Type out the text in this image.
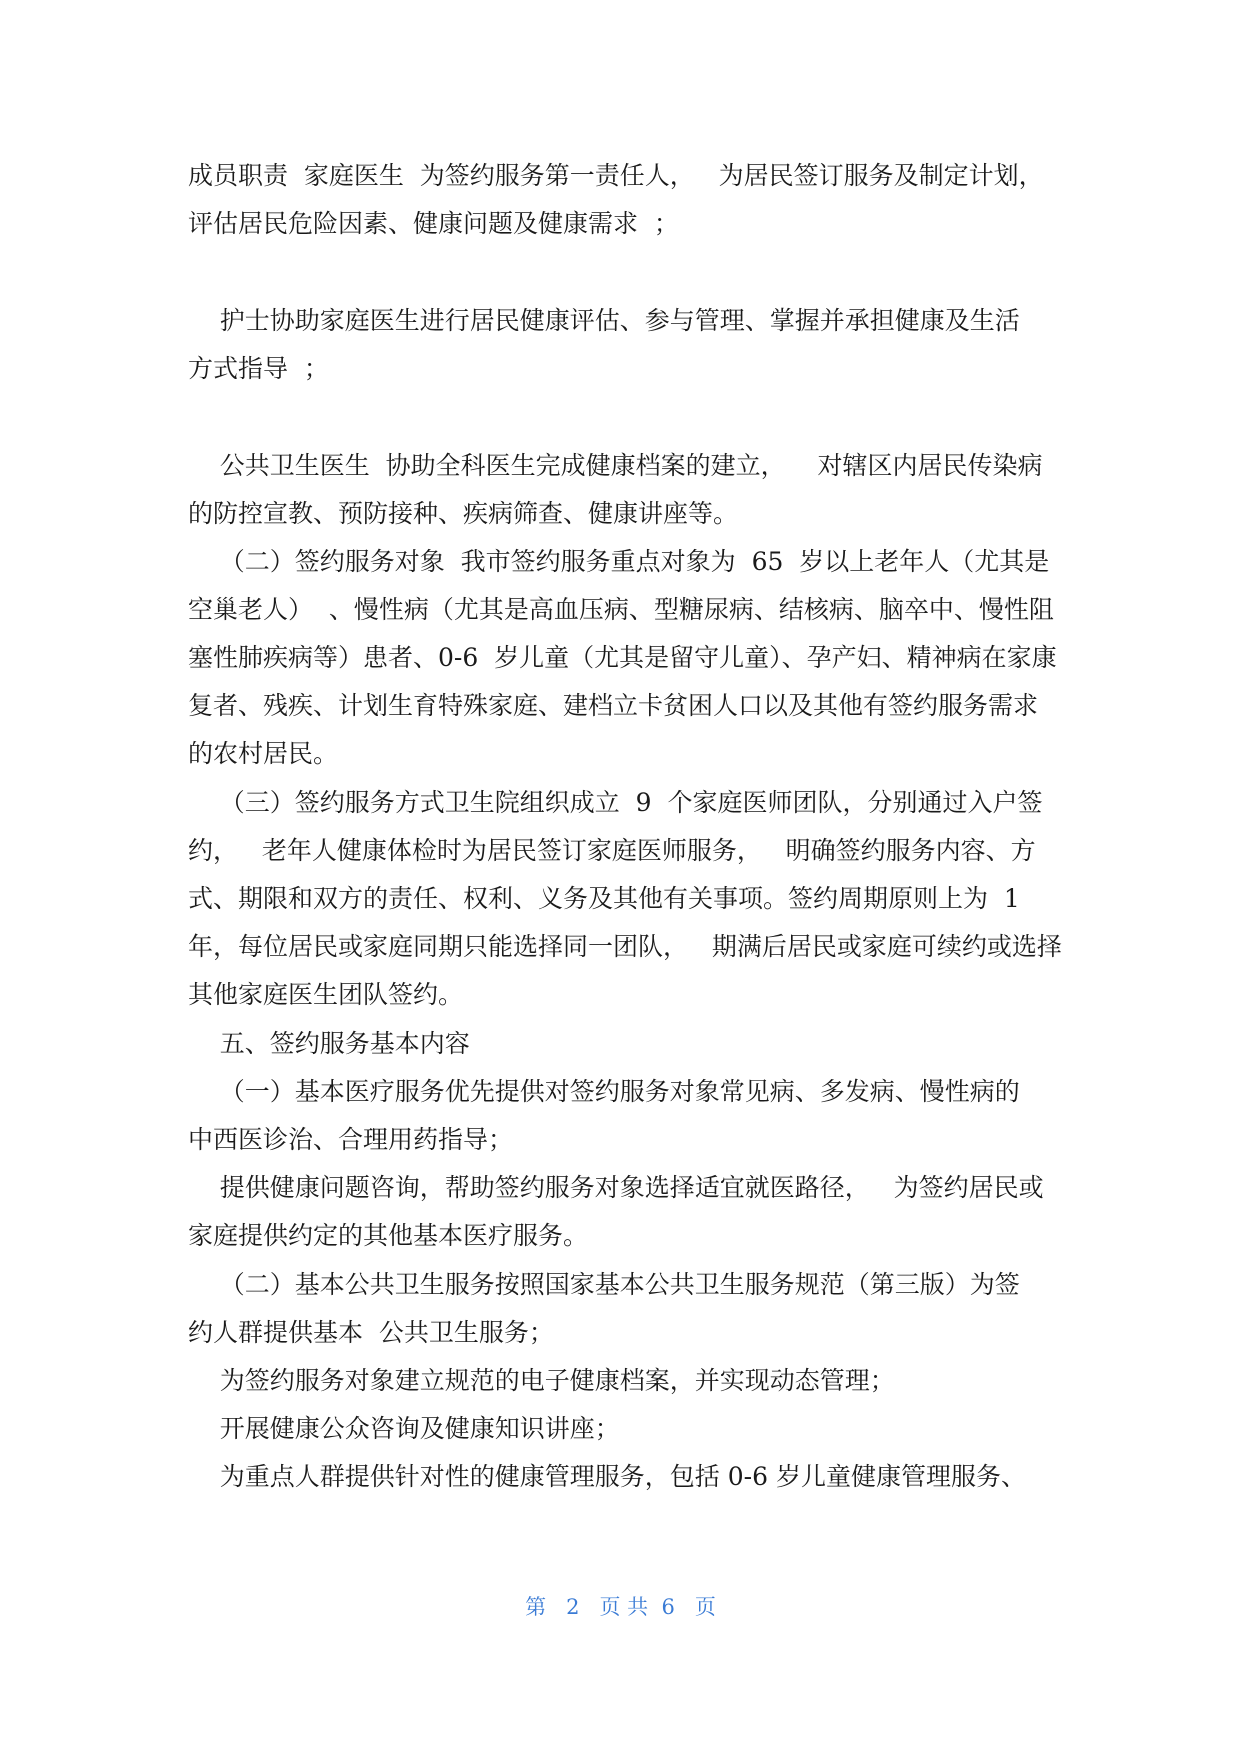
成员职责  家庭医生  为签约服务第一责任人，   为居民签订服务及制定计划，

评估居民危险因素、健康问题及健康需求  ；

护士协助家庭医生进行居民健康评估、参与管理、掌握并承担健康及生活

方式指导  ；

公共卫生医生  协助全科医生完成健康档案的建立，    对辖区内居民传染病

的防控宣教、预防接种、疾病筛查、健康讲座等。

（二）签约服务对象  我市签约服务重点对象为  65  岁以上老年人（尤其是

空巢老人）  、慢性病（尤其是高血压病、型糖尿病、结核病、脑卒中、慢性阻

塞性肺疾病等）患者、0-6  岁儿童（尤其是留守儿童）、孕产妇、精神病在家康

复者、残疾、计划生育特殊家庭、建档立卡贫困人口以及其他有签约服务需求

的农村居民。

（三）签约服务方式卫生院组织成立  9  个家庭医师团队，分别通过入户签

约，   老年人健康体检时为居民签订家庭医师服务，   明确签约服务内容、方

式、期限和双方的责任、权利、义务及其他有关事项。签约周期原则上为  1

年，每位居民或家庭同期只能选择同一团队，   期满后居民或家庭可续约或选择

其他家庭医生团队签约。

五、签约服务基本内容

（一）基本医疗服务优先提供对签约服务对象常见病、多发病、慢性病的

中西医诊治、合理用药指导；

提供健康问题咨询，帮助签约服务对象选择适宜就医路径，   为签约居民或

家庭提供约定的其他基本医疗服务。

（二）基本公共卫生服务按照国家基本公共卫生服务规范（第三版）为签

约人群提供基本  公共卫生服务；

为签约服务对象建立规范的电子健康档案，并实现动态管理；

开展健康公众咨询及健康知识讲座；

为重点人群提供针对性的健康管理服务，包括 0-6 岁儿童健康管理服务、

第   2   页 共  6   页
